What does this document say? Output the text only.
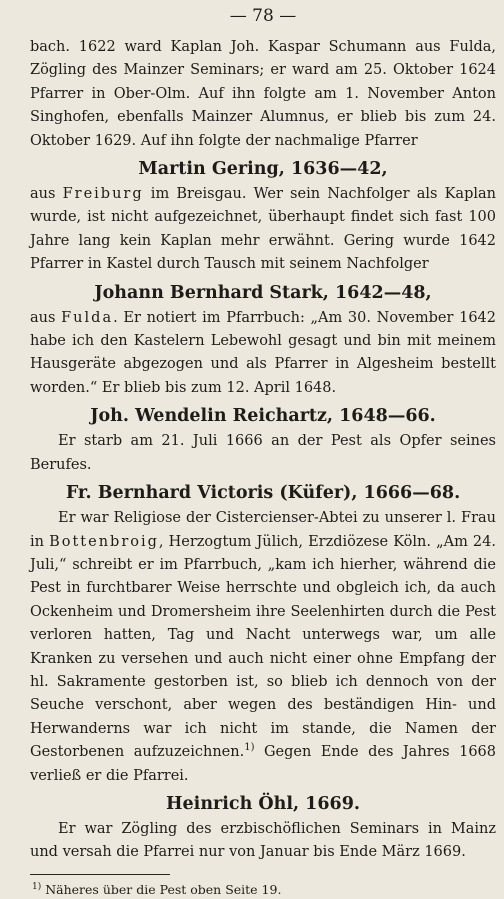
— 78 —

bach. 1622 ward Kaplan Joh. Kaspar Schumann aus Fulda, Zögling des Mainzer Seminars; er ward am 25. Oktober 1624 Pfarrer in Ober-Olm. Auf ihn folgte am 1. November Anton Singhofen, ebenfalls Mainzer Alumnus, er blieb bis zum 24. Oktober 1629. Auf ihn folgte der nachmalige Pfarrer

Martin Gering, 1636—42,

aus Freiburg im Breisgau. Wer sein Nachfolger als Kaplan wurde, ist nicht aufgezeichnet, überhaupt findet sich fast 100 Jahre lang kein Kaplan mehr erwähnt. Gering wurde 1642 Pfarrer in Kastel durch Tausch mit seinem Nachfolger

Johann Bernhard Stark, 1642—48,

aus Fulda. Er notiert im Pfarrbuch: „Am 30. November 1642 habe ich den Kastelern Lebewohl gesagt und bin mit meinem Hausgeräte abgezogen und als Pfarrer in Algesheim bestellt worden.“ Er blieb bis zum 12. April 1648.

Joh. Wendelin Reichartz, 1648—66.

Er starb am 21. Juli 1666 an der Pest als Opfer seines Berufes.

Fr. Bernhard Victoris (Küfer), 1666—68.

Er war Religiose der Cistercienser-Abtei zu unserer l. Frau in Bottenbroig, Herzogtum Jülich, Erzdiözese Köln. „Am 24. Juli,“ schreibt er im Pfarrbuch, „kam ich hierher, während die Pest in furchtbarer Weise herrschte und obgleich ich, da auch Ockenheim und Dromersheim ihre Seelenhirten durch die Pest verloren hatten, Tag und Nacht unterwegs war, um alle Kranken zu versehen und auch nicht einer ohne Empfang der hl. Sakramente gestorben ist, so blieb ich dennoch von der Seuche verschont, aber wegen des beständigen Hin- und Herwanderns war ich nicht im stande, die Namen der Gestorbenen aufzuzeichnen.$^{1)}$ Gegen Ende des Jahres 1668 verließ er die Pfarrei.

Heinrich Öhl, 1669.

Er war Zögling des erzbischöflichen Seminars in Mainz und versah die Pfarrei nur von Januar bis Ende März 1669.

$^{1)}$ Näheres über die Pest oben Seite 19.
